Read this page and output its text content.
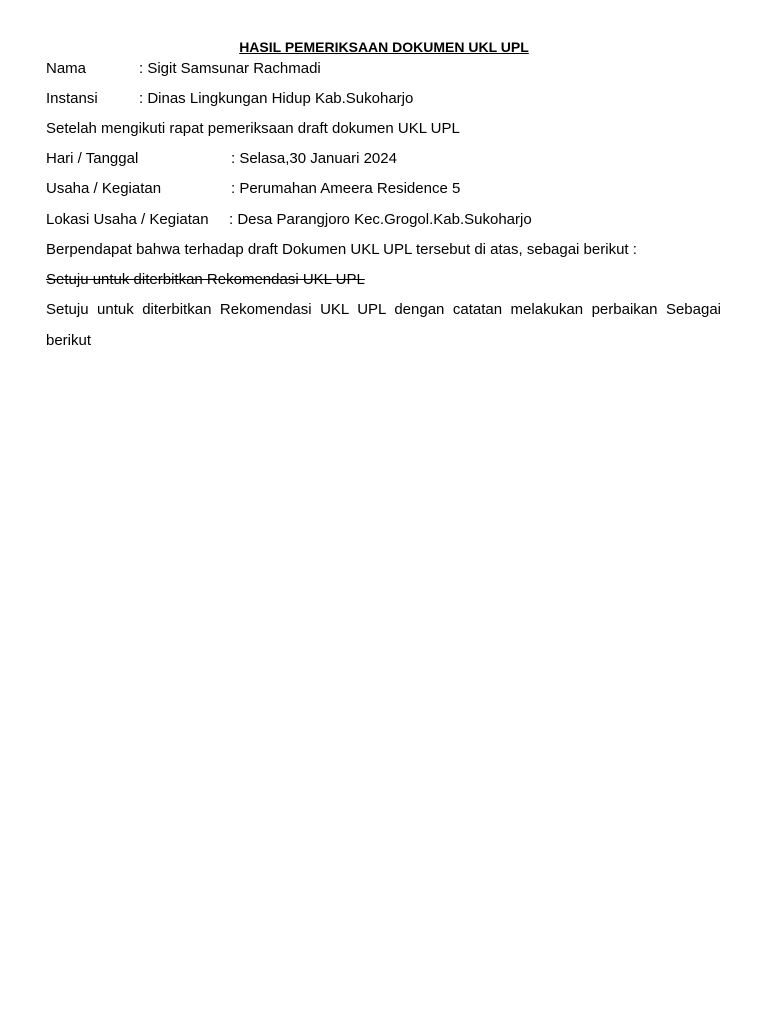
HASIL PEMERIKSAAN DOKUMEN UKL UPL
Nama	: Sigit Samsunar Rachmadi
Instansi	: Dinas Lingkungan Hidup Kab.Sukoharjo
Setelah mengikuti rapat pemeriksaan draft dokumen UKL UPL
Hari / Tanggal	: Selasa,30 Januari 2024
Usaha / Kegiatan	: Perumahan Ameera Residence 5
Lokasi Usaha / Kegiatan : Desa Parangjoro Kec.Grogol.Kab.Sukoharjo
Berpendapat bahwa terhadap draft Dokumen UKL UPL tersebut di atas, sebagai berikut :
Setuju untuk diterbitkan Rekomendasi UKL UPL
Setuju untuk diterbitkan Rekomendasi UKL UPL dengan catatan melakukan perbaikan Sebagai
berikut
